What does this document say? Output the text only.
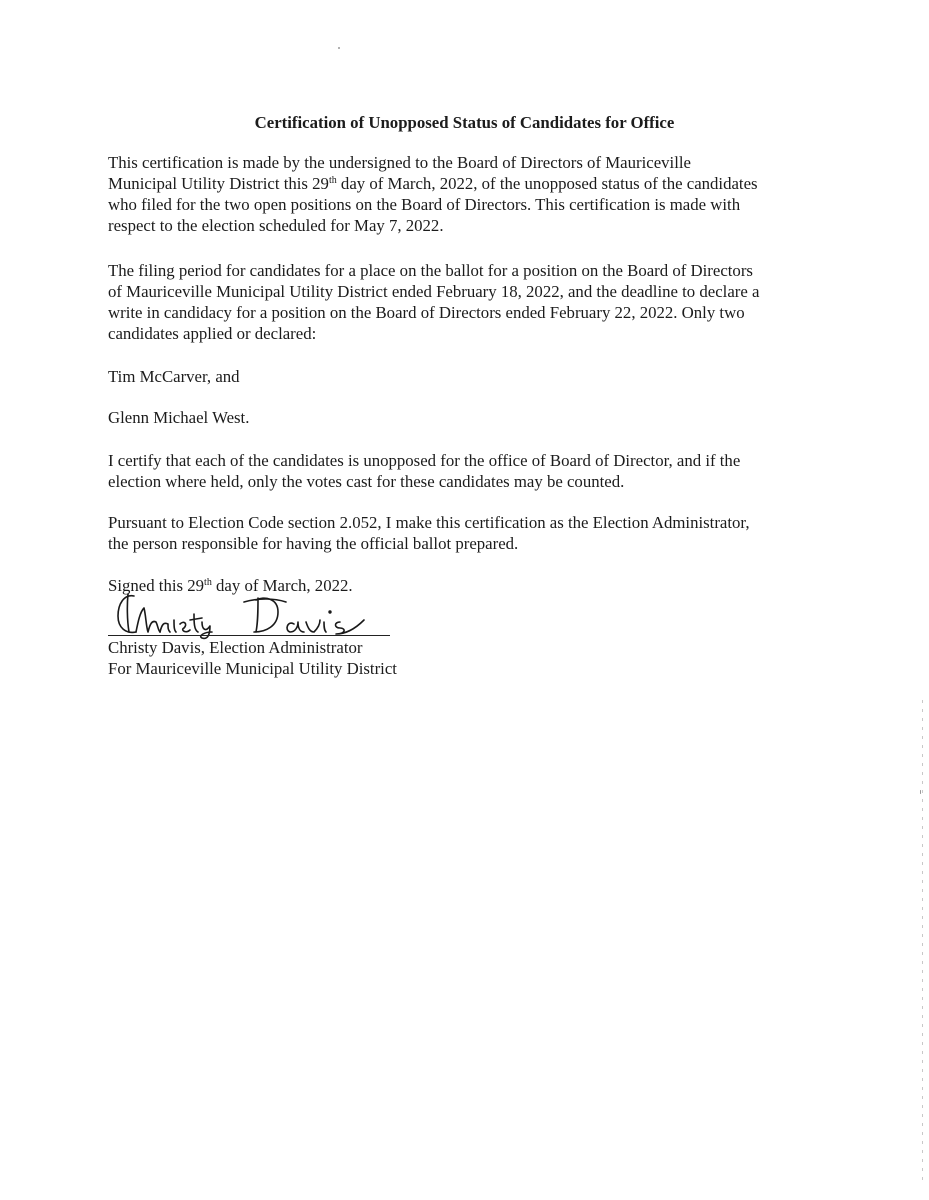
Certification of Unopposed Status of Candidates for Office

This certification is made by the undersigned to the Board of Directors of Mauriceville
Municipal Utility District this 29th day of March, 2022, of the unopposed status of the candidates
who filed for the two open positions on the Board of Directors. This certification is made with
respect to the election scheduled for May 7, 2022.

The filing period for candidates for a place on the ballot for a position on the Board of Directors
of Mauriceville Municipal Utility District ended February 18, 2022, and the deadline to declare a
write in candidacy for a position on the Board of Directors ended February 22, 2022. Only two
candidates applied or declared:

Tim McCarver, and

Glenn Michael West.

I certify that each of the candidates is unopposed for the office of Board of Director, and if the
election where held, only the votes cast for these candidates may be counted.

Pursuant to Election Code section 2.052, I make this certification as the Election Administrator,
the person responsible for having the official ballot prepared.

Signed this 29th day of March, 2022.

Christy Davis, Election Administrator
For Mauriceville Municipal Utility District
